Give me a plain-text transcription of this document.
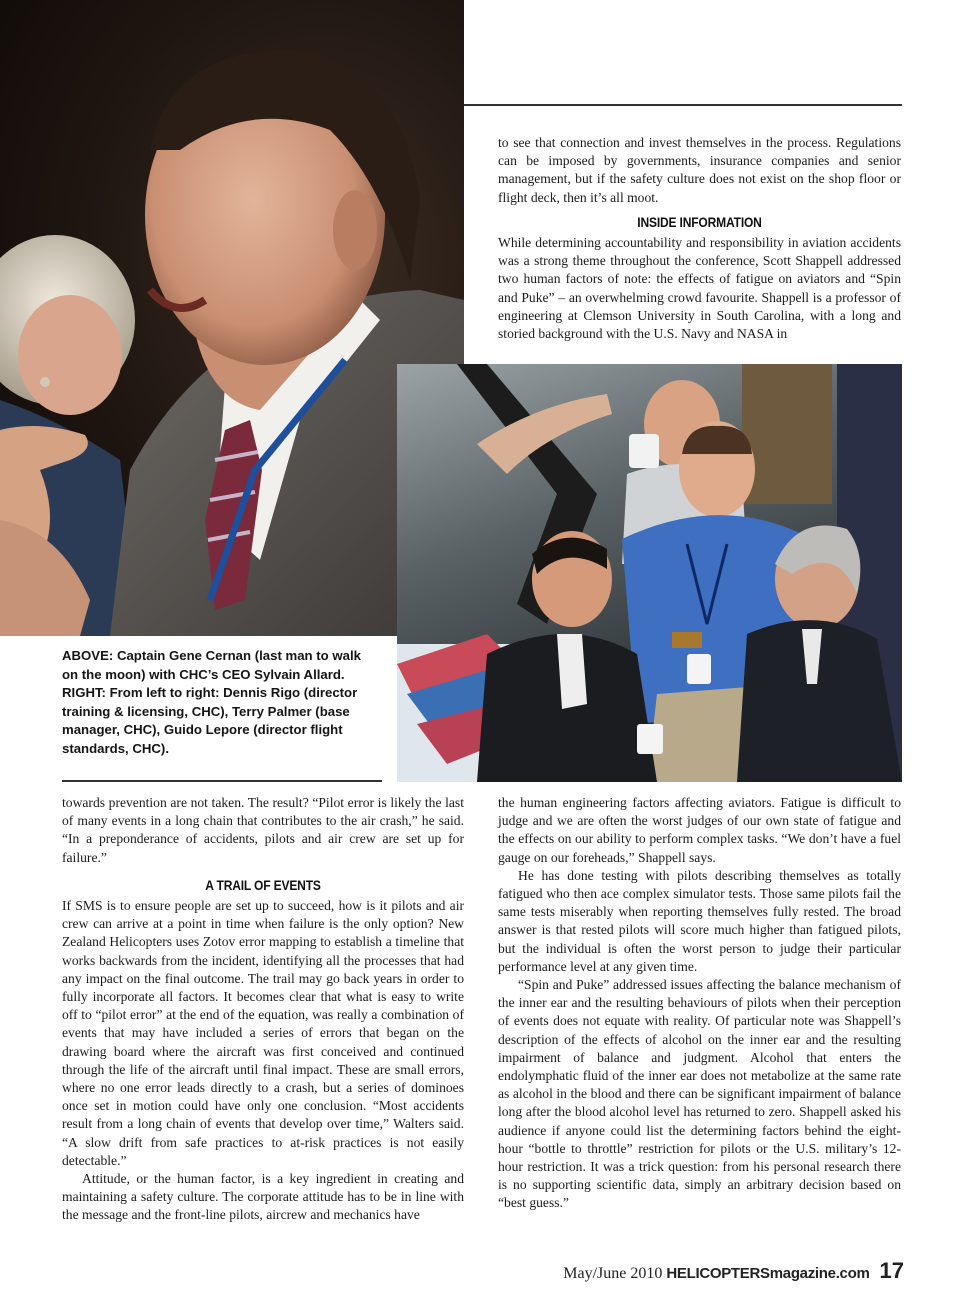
to see that connection and invest themselves in the process. Regulations can be imposed by governments, insurance companies and senior management, but if the safety culture does not exist on the shop floor or flight deck, then it’s all moot.

INSIDE INFORMATION

While determining accountability and responsibility in aviation accidents was a strong theme throughout the conference, Scott Shappell addressed two human factors of note: the effects of fatigue on aviators and “Spin and Puke” – an overwhelming crowd favourite. Shappell is a professor of engineering at Clemson University in South Carolina, with a long and storied background with the U.S. Navy and NASA in

ABOVE: Captain Gene Cernan (last man to walk on the moon) with CHC’s CEO Sylvain Allard.

RIGHT: From left to right: Dennis Rigo (director training & licensing, CHC), Terry Palmer (base manager, CHC), Guido Lepore (director flight standards, CHC).

towards prevention are not taken. The result? “Pilot error is likely the last of many events in a long chain that contributes to the air crash,” he said. “In a preponderance of accidents, pilots and air crew are set up for failure.”

A TRAIL OF EVENTS

If SMS is to ensure people are set up to succeed, how is it pilots and air crew can arrive at a point in time when failure is the only option? New Zealand Helicopters uses Zotov error mapping to establish a timeline that works backwards from the incident, identifying all the processes that had any impact on the final outcome. The trail may go back years in order to fully incorporate all factors. It becomes clear that what is easy to write off to “pilot error” at the end of the equation, was really a combination of events that may have included a series of errors that began on the drawing board where the aircraft was first conceived and continued through the life of the aircraft until final impact. These are small errors, where no one error leads directly to a crash, but a series of dominoes once set in motion could have only one conclusion. “Most accidents result from a long chain of events that develop over time,” Walters said. “A slow drift from safe practices to at-risk practices is not easily detectable.”

Attitude, or the human factor, is a key ingredient in creating and maintaining a safety culture. The corporate attitude has to be in line with the message and the front-line pilots, aircrew and mechanics have

the human engineering factors affecting aviators. Fatigue is difficult to judge and we are often the worst judges of our own state of fatigue and the effects on our ability to perform complex tasks. “We don’t have a fuel gauge on our foreheads,” Shappell says.

He has done testing with pilots describing themselves as totally fatigued who then ace complex simulator tests. Those same pilots fail the same tests miserably when reporting themselves fully rested. The broad answer is that rested pilots will score much higher than fatigued pilots, but the individual is often the worst person to judge their particular performance level at any given time.

“Spin and Puke” addressed issues affecting the balance mechanism of the inner ear and the resulting behaviours of pilots when their perception of events does not equate with reality. Of particular note was Shappell’s description of the effects of alcohol on the inner ear and the resulting impairment of balance and judgment. Alcohol that enters the endolymphatic fluid of the inner ear does not metabolize at the same rate as alcohol in the blood and there can be significant impairment of balance long after the blood alcohol level has returned to zero. Shappell asked his audience if anyone could list the determining factors behind the eight-hour “bottle to throttle” restriction for pilots or the U.S. military’s 12-hour restriction. It was a trick question: from his personal research there is no supporting scientific data, simply an arbitrary decision based on “best guess.”

May/June 2010 HELICOPTERSmagazine.com 17
